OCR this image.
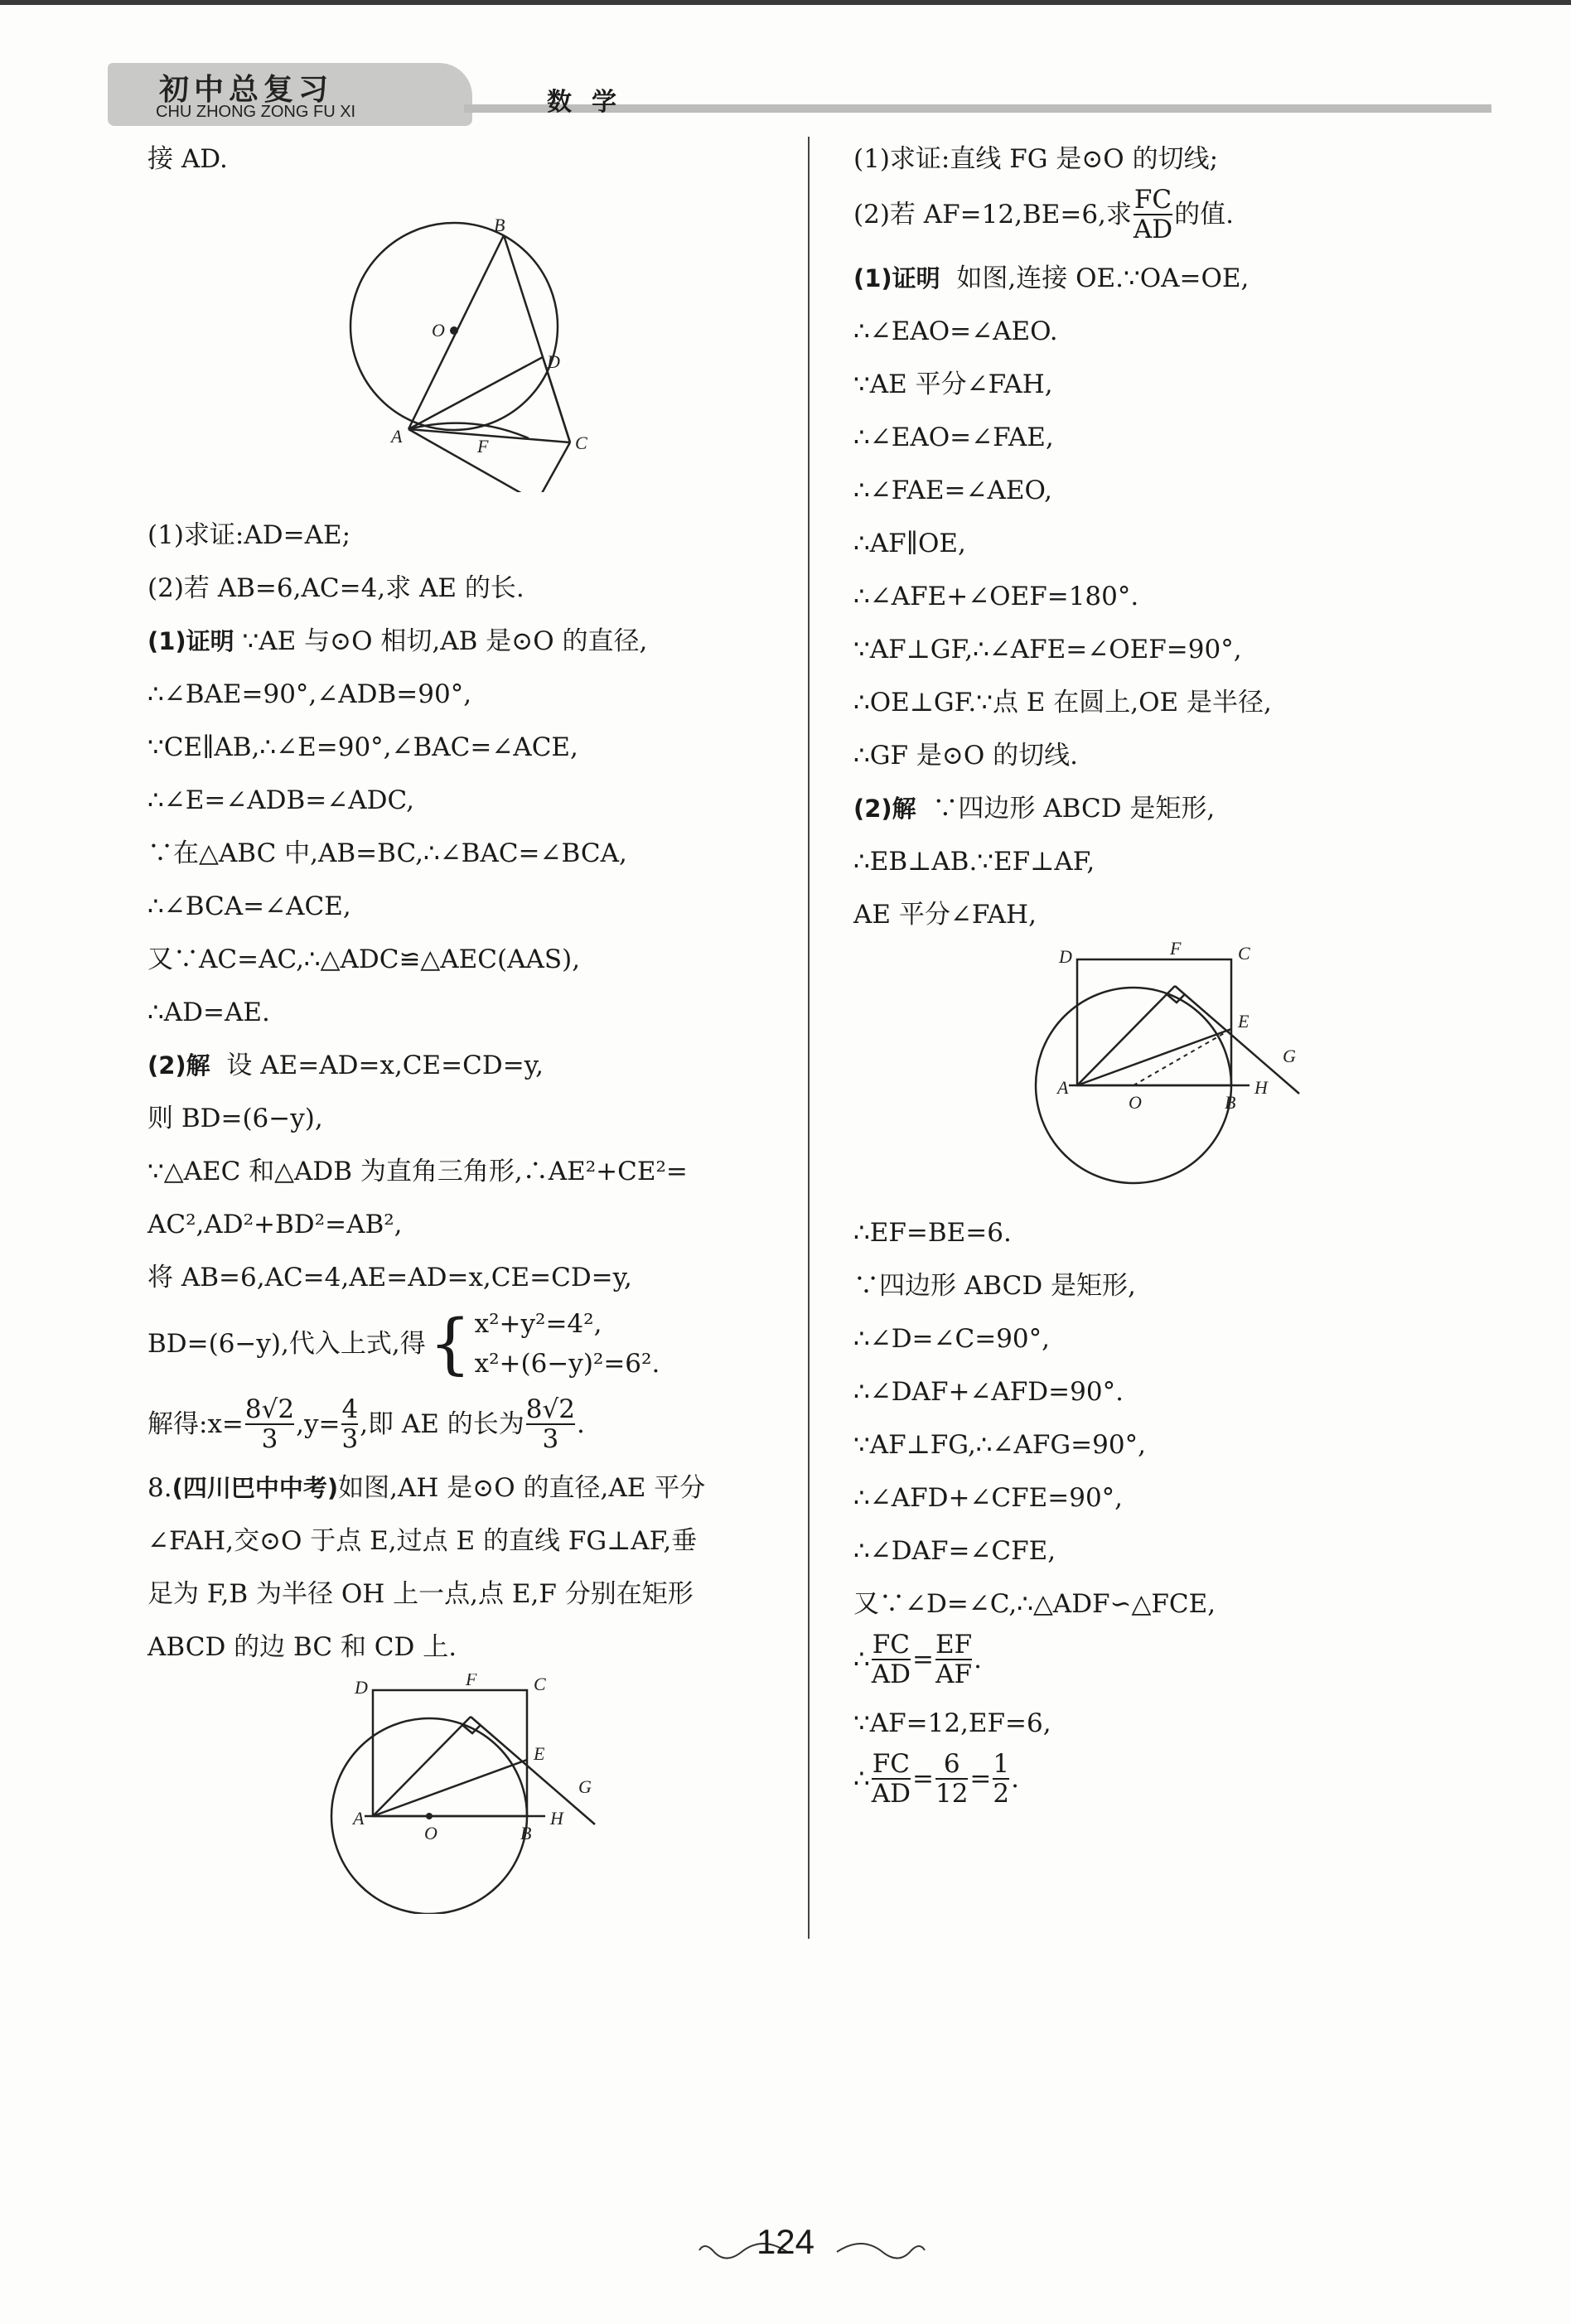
初中总复习
CHU ZHONG ZONG FU XI	数学
接 AD.
B
O
D
A	F	C
(1)求证:AD=AE;
(2)若 AB=6,AC=4,求 AE 的长.
(1)证明 ∵AE 与⊙O 相切,AB 是⊙O 的直径,
∴∠BAE=90°,∠ADB=90°,
∵CE∥AB,∴∠E=90°,∠BAC=∠ACE,
∴∠E=∠ADB=∠ADC,
∵在△ABC 中,AB=BC,∴∠BAC=∠BCA,
∴∠BCA=∠ACE,
又∵AC=AC,∴△ADC≌△AEC(AAS),
∴AD=AE.
(2)解 设 AE=AD=x,CE=CD=y,
则 BD=(6−y),
∵△AEC 和△ADB 为直角三角形,∴AE²+CE²=
AC²,AD²+BD²=AB²,
将 AB=6,AC=4,AE=AD=x,CE=CD=y,
BD=(6−y),代入上式,得{ x²+y²=4²,
x²+(6−y)²=6².
解得:x= $\frac{8√2}{3} ,y= \frac{4}{3}$ ,即 AE 的长为 $\frac{8√2}{3}$ .
8.(四川巴中中考)如图,AH 是⊙O 的直径,AE 平分
∠FAH,交⊙O 于点 E,过点 E 的直线 FG⊥AF,垂
足为 F,B 为半径 OH 上一点,点 E,F 分别在矩形
ABCD 的边 BC 和 CD 上.
D	F	C
E
G
A
O	B
H
(1)求证:直线 FG 是⊙O 的切线;
(2)若 AF=12,BE=6,求 $\frac{FC}{AD}$ 的值.
(1)证明 如图,连接 OE.∵OA=OE,
∴∠EAO=∠AEO.
∵AE 平分∠FAH,
∴∠EAO=∠FAE,
∴∠FAE=∠AEO,
∴AF∥OE,
∴∠AFE+∠OEF=180°.
∵AF⊥GF,∴∠AFE=∠OEF=90°,
∴OE⊥GF.∵点 E 在圆上,OE 是半径,
∴GF 是⊙O 的切线.
(2)解 ∵四边形 ABCD 是矩形,
∴EB⊥AB.∵EF⊥AF,
AE 平分∠FAH,
D	F	C
E
G
A
O	B
H
∴EF=BE=6.
∵四边形 ABCD 是矩形,
∴∠D=∠C=90°,
∴∠DAF+∠AFD=90°.
∵AF⊥FG,∴∠AFG=90°,
∴∠AFD+∠CFE=90°,
∴∠DAF=∠CFE,
又∵∠D=∠C,∴△ADF∽△FCE,
∴ $\frac{FC}{AD} = \frac{EF}{AF}$ .
∵AF=12,EF=6,
∴ $\frac{FC}{AD} = \frac{6}{12} = \frac{1}{2}$ .
124
